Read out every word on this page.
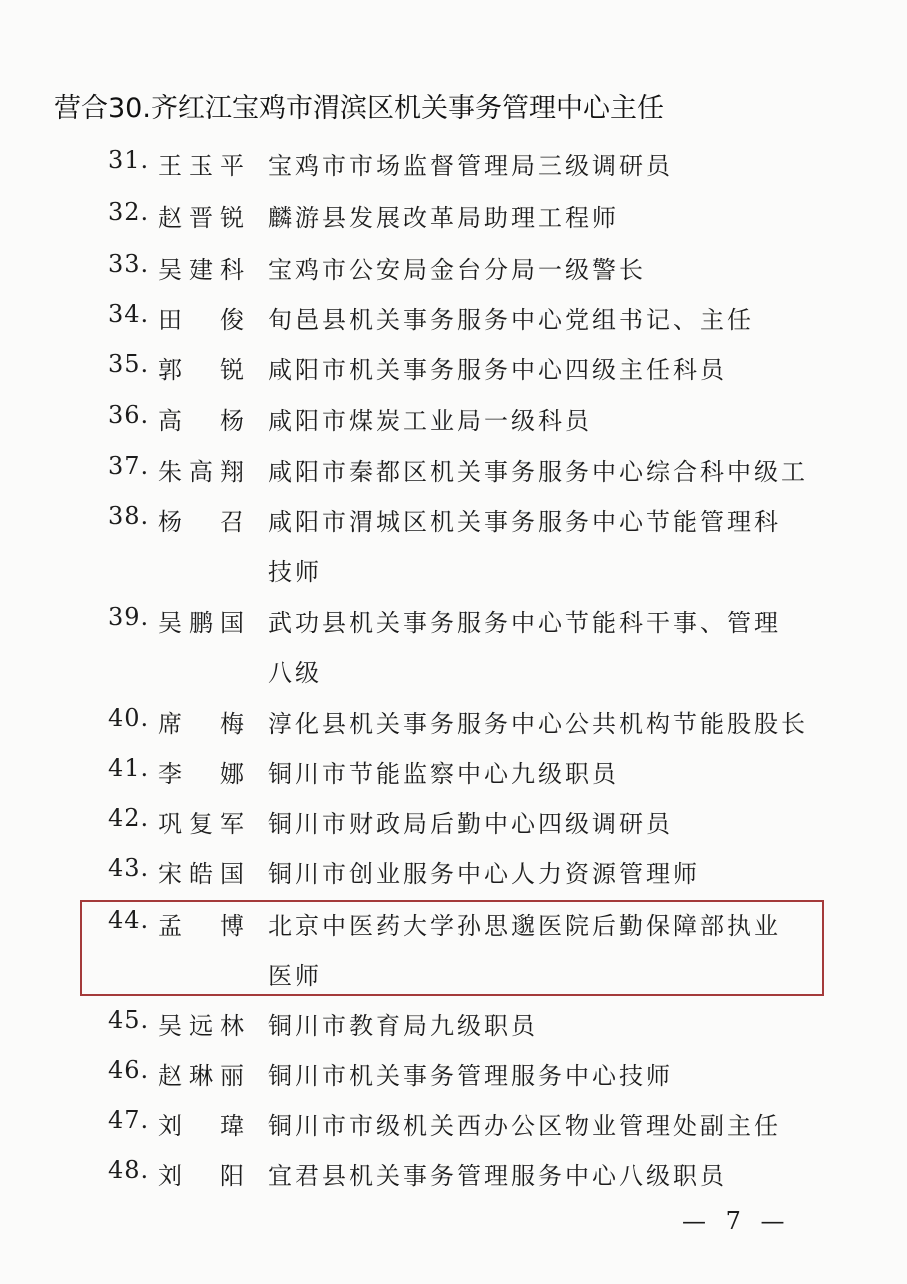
营合30.齐红江宝鸡市渭滨区机关事务管理中心主任
31. 王玉平 宝鸡市市场监督管理局三级调研员
32. 赵晋锐 麟游县发展改革局助理工程师
33. 吴建科 宝鸡市公安局金台分局一级警长
34. 田 俊 旬邑县机关事务服务中心党组书记、主任
35. 郭 锐 咸阳市机关事务服务中心四级主任科员
36. 高 杨 咸阳市煤炭工业局一级科员
37. 朱高翔 咸阳市秦都区机关事务服务中心综合科中级工
38. 杨 召 咸阳市渭城区机关事务服务中心节能管理科
技师
39. 吴鹏国 武功县机关事务服务中心节能科干事、管理
八级
40. 席 梅 淳化县机关事务服务中心公共机构节能股股长
41. 李 娜 铜川市节能监察中心九级职员
42. 巩复军 铜川市财政局后勤中心四级调研员
43. 宋皓国 铜川市创业服务中心人力资源管理师
44. 孟 博 北京中医药大学孙思邈医院后勤保障部执业
医师
45. 吴远林 铜川市教育局九级职员
46. 赵琳丽 铜川市机关事务管理服务中心技师
47. 刘 瑋 铜川市市级机关西办公区物业管理处副主任
48. 刘 阳 宜君县机关事务管理服务中心八级职员
— 7 —
